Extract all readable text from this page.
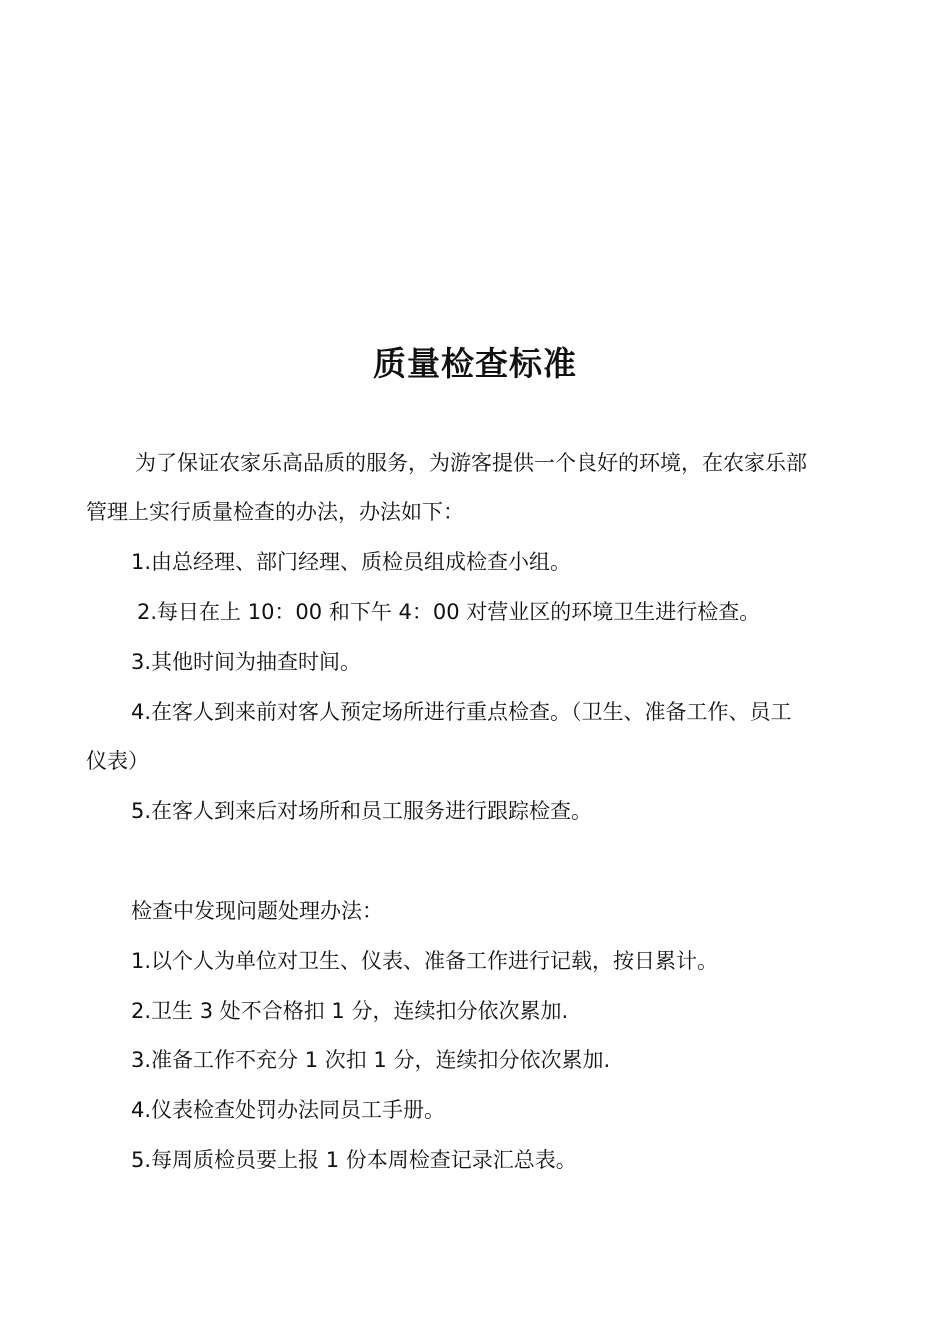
质量检查标准
为了保证农家乐高品质的服务，为游客提供一个良好的环境，在农家乐部
管理上实行质量检查的办法，办法如下：
1.由总经理、部门经理、质检员组成检查小组。
2.每日在上 10：00 和下午 4：00 对营业区的环境卫生进行检查。
3.其他时间为抽查时间。
4.在客人到来前对客人预定场所进行重点检查。（卫生、准备工作、员工
仪表）
5.在客人到来后对场所和员工服务进行跟踪检查。
检查中发现问题处理办法：
1.以个人为单位对卫生、仪表、准备工作进行记载，按日累计。
2.卫生 3 处不合格扣 1 分，连续扣分依次累加.
3.准备工作不充分 1 次扣 1 分，连续扣分依次累加.
4.仪表检查处罚办法同员工手册。
5.每周质检员要上报 1 份本周检查记录汇总表。
